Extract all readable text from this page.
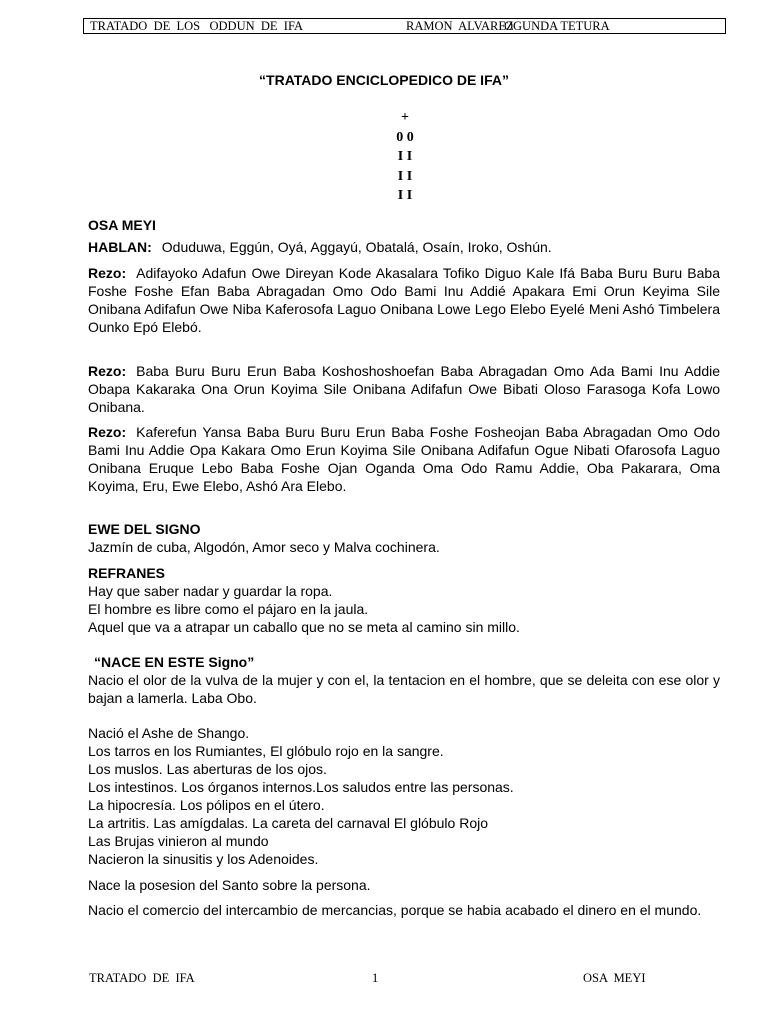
TRATADO  DE  LOS   ODDUN  DE  IFA	RAMON  ALVAREZ
OGUNDA TETURA
“TRATADO ENCICLOPEDICO DE IFA”
+
0 0
I I
I I
I I

OSA MEYI

HABLAN: Oduduwa, Eggún, Oyá, Aggayú, Obatalá, Osaín, Iroko, Oshún.

Rezo: Adifayoko Adafun Owe Direyan Kode Akasalara Tofiko Diguo Kale Ifá Baba Buru Buru Baba Foshe Foshe Efan Baba Abragadan Omo Odo Bami Inu Addié Apakara Emi Orun Keyima Sile Onibana Adifafun Owe Niba Kaferosofa Laguo Onibana Lowe Lego Elebo Eyelé Meni Ashó Timbelera Ounko Epó Elebó.

Rezo: Baba Buru Buru Erun Baba Koshoshoshoefan Baba Abragadan Omo Ada Bami Inu Addie Obapa Kakaraka Ona Orun Koyima Sile Onibana Adifafun Owe Bibati Oloso Farasoga Kofa Lowo Onibana.

Rezo: Kaferefun Yansa Baba Buru Buru Erun Baba Foshe Fosheojan Baba Abragadan Omo Odo Bami Inu Addie Opa Kakara Omo Erun Koyima Sile Onibana Adifafun Ogue Nibati Ofarosofa Laguo Onibana Eruque Lebo Baba Foshe Ojan Oganda Oma Odo Ramu Addie, Oba Pakarara, Oma Koyima, Eru, Ewe Elebo, Ashó Ara Elebo.

EWE DEL SIGNO

Jazmín de cuba, Algodón, Amor seco y Malva cochinera.

REFRANES

Hay que saber nadar y guardar la ropa.

El hombre es libre como el pájaro en la jaula.

Aquel que va a atrapar un caballo que no se meta al camino sin millo.

“NACE EN ESTE Signo”

Nacio el olor de la vulva de la mujer y con el, la tentacion en el hombre, que se deleita con ese olor y bajan a lamerla. Laba Obo.

Nació el Ashe de Shango.

Los tarros en los Rumiantes, El glóbulo rojo en la sangre.

Los muslos. Las aberturas de los ojos.

Los intestinos. Los órganos internos.Los saludos entre las personas.

La hipocresía. Los pólipos en el útero.

La artritis. Las amígdalas. La careta del carnaval El glóbulo Rojo

Las Brujas vinieron al mundo

Nacieron la sinusitis y los Adenoides.

Nace la posesion del Santo sobre la persona.

Nacio el comercio del intercambio de mercancias, porque se habia acabado el dinero en el mundo.

TRATADO  DE  IFA	1	OSA  MEYI
